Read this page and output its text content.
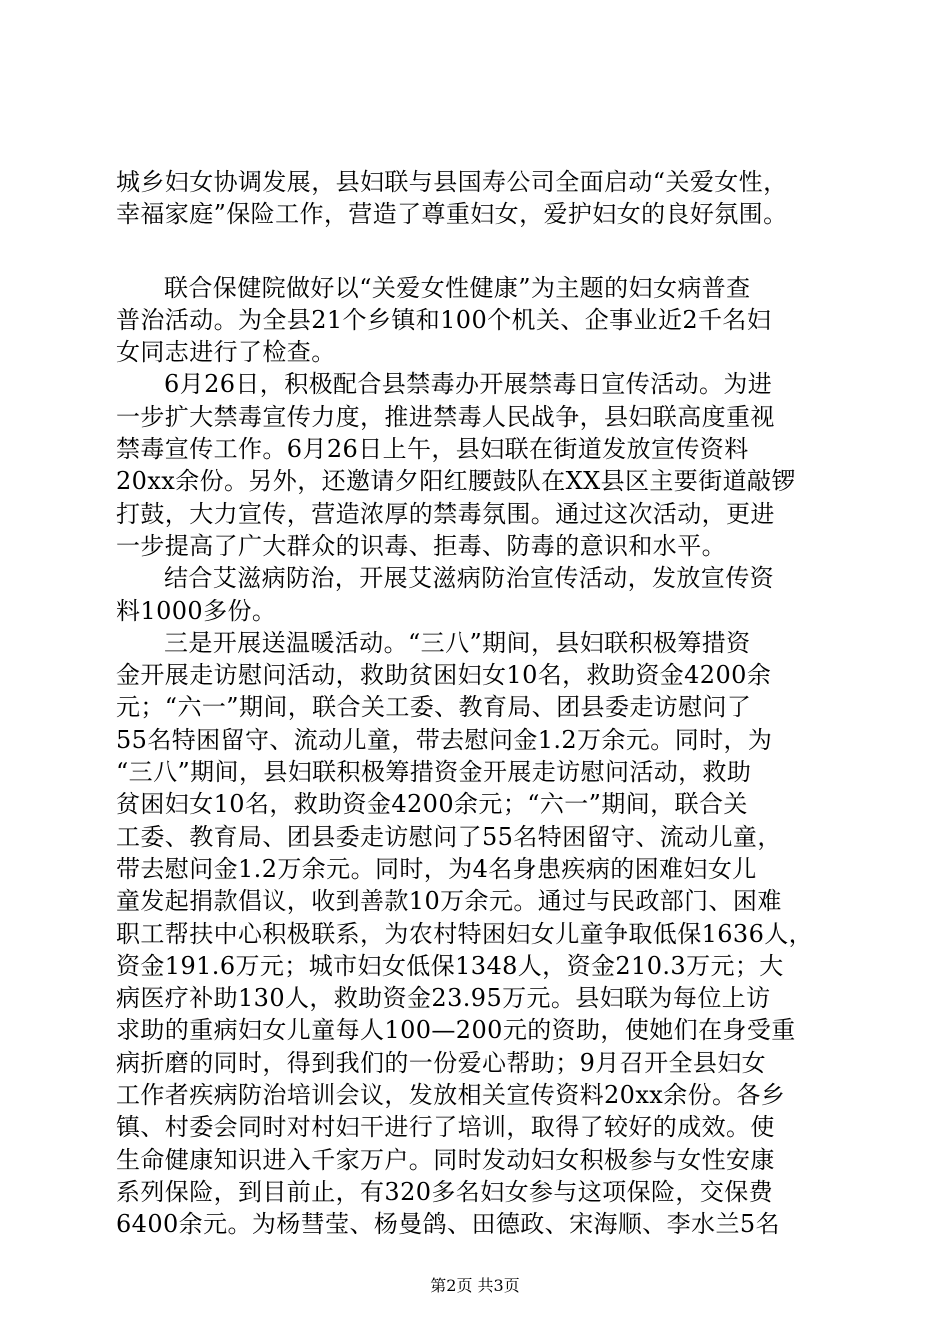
城乡妇女协调发展，县妇联与县国寿公司全面启动“关爱女性，
幸福家庭”保险工作，营造了尊重妇女，爱护妇女的良好氛围。
联合保健院做好以“关爱女性健康”为主题的妇女病普查
普治活动。为全县21个乡镇和100个机关、企事业近2千名妇
女同志进行了检查。
6月26日，积极配合县禁毒办开展禁毒日宣传活动。为进
一步扩大禁毒宣传力度，推进禁毒人民战争，县妇联高度重视
禁毒宣传工作。6月26日上午，县妇联在街道发放宣传资料
20xx余份。另外，还邀请夕阳红腰鼓队在XX县区主要街道敲锣
打鼓，大力宣传，营造浓厚的禁毒氛围。通过这次活动，更进
一步提高了广大群众的识毒、拒毒、防毒的意识和水平。
结合艾滋病防治，开展艾滋病防治宣传活动，发放宣传资
料1000多份。
三是开展送温暖活动。“三八”期间，县妇联积极筹措资
金开展走访慰问活动，救助贫困妇女10名，救助资金4200余
元；“六一”期间，联合关工委、教育局、团县委走访慰问了
55名特困留守、流动儿童，带去慰问金1.2万余元。同时，为
“三八”期间，县妇联积极筹措资金开展走访慰问活动，救助
贫困妇女10名，救助资金4200余元；“六一”期间，联合关
工委、教育局、团县委走访慰问了55名特困留守、流动儿童，
带去慰问金1.2万余元。同时，为4名身患疾病的困难妇女儿
童发起捐款倡议，收到善款10万余元。通过与民政部门、困难
职工帮扶中心积极联系，为农村特困妇女儿童争取低保1636人，
资金191.6万元；城市妇女低保1348人，资金210.3万元；大
病医疗补助130人，救助资金23.95万元。县妇联为每位上访
求助的重病妇女儿童每人100—200元的资助，使她们在身受重
病折磨的同时，得到我们的一份爱心帮助；9月召开全县妇女
工作者疾病防治培训会议，发放相关宣传资料20xx余份。各乡
镇、村委会同时对村妇干进行了培训，取得了较好的成效。使
生命健康知识进入千家万户。同时发动妇女积极参与女性安康
系列保险，到目前止，有320多名妇女参与这项保险，交保费
6400余元。为杨彗莹、杨曼鸽、田德政、宋海顺、李水兰5名
第2页 共3页
